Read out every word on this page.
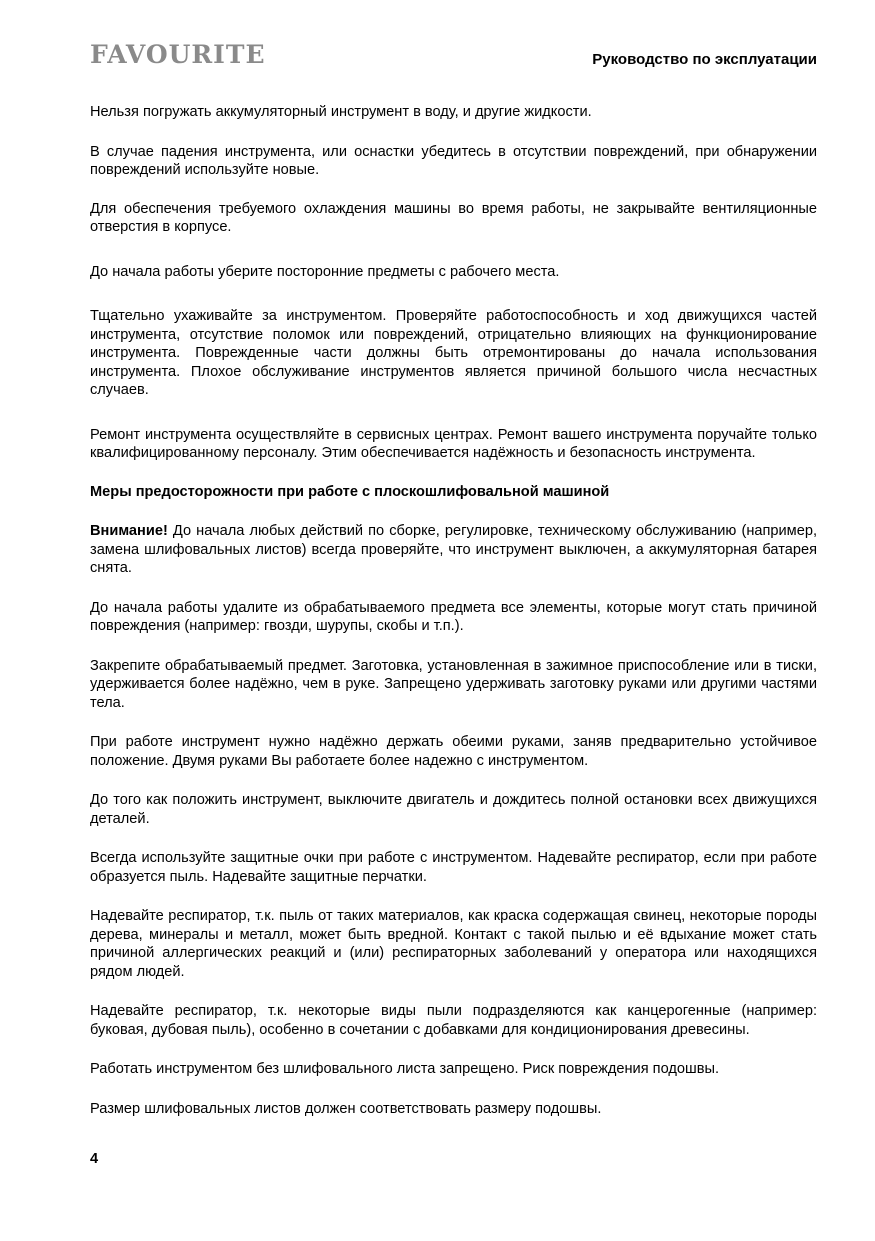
FAVOURITE	Руководство по эксплуатации

Нельзя погружать аккумуляторный инструмент в воду, и другие жидкости.

В случае падения инструмента, или оснастки убедитесь в отсутствии повреждений, при обнаружении повреждений используйте новые.

Для обеспечения требуемого охлаждения машины во время работы, не закрывайте вентиляционные отверстия в корпусе.

До начала работы уберите посторонние предметы с рабочего места.

Тщательно ухаживайте за инструментом. Проверяйте работоспособность и ход движущихся частей инструмента, отсутствие поломок или повреждений, отрицательно влияющих на функционирование инструмента. Поврежденные части должны быть отремонтированы до начала использования инструмента. Плохое обслуживание инструментов является причиной большого числа несчастных случаев.

Ремонт инструмента осуществляйте в сервисных центрах. Ремонт вашего инструмента поручайте только квалифицированному персоналу. Этим обеспечивается надёжность и безопасность инструмента.

Меры предосторожности при работе с плоскошлифовальной машиной

Внимание! До начала любых действий по сборке, регулировке, техническому обслуживанию (например, замена шлифовальных листов) всегда проверяйте, что инструмент выключен, а аккумуляторная батарея снята.

До начала работы удалите из обрабатываемого предмета все элементы, которые могут стать причиной повреждения (например: гвозди, шурупы, скобы и т.п.).

Закрепите обрабатываемый предмет. Заготовка, установленная в зажимное приспособление или в тиски, удерживается более надёжно, чем в руке. Запрещено удерживать заготовку руками или другими частями тела.

При работе инструмент нужно надёжно держать обеими руками, заняв предварительно устойчивое положение. Двумя руками Вы работаете более надежно с инструментом.

До того как положить инструмент, выключите двигатель и дождитесь полной остановки всех движущихся деталей.

Всегда используйте защитные очки при работе с инструментом. Надевайте респиратор, если при работе образуется пыль. Надевайте защитные перчатки.

Надевайте респиратор, т.к. пыль от таких материалов, как краска содержащая свинец, некоторые породы дерева, минералы и металл, может быть вредной. Контакт с такой пылью и её вдыхание может стать причиной аллергических реакций и (или) респираторных заболеваний у оператора или находящихся рядом людей.

Надевайте респиратор, т.к. некоторые виды пыли подразделяются как канцерогенные (например: буковая, дубовая пыль), особенно в сочетании с добавками для кондиционирования древесины.

Работать инструментом без шлифовального листа запрещено. Риск повреждения подошвы.

Размер шлифовальных листов должен соответствовать размеру подошвы.

4
